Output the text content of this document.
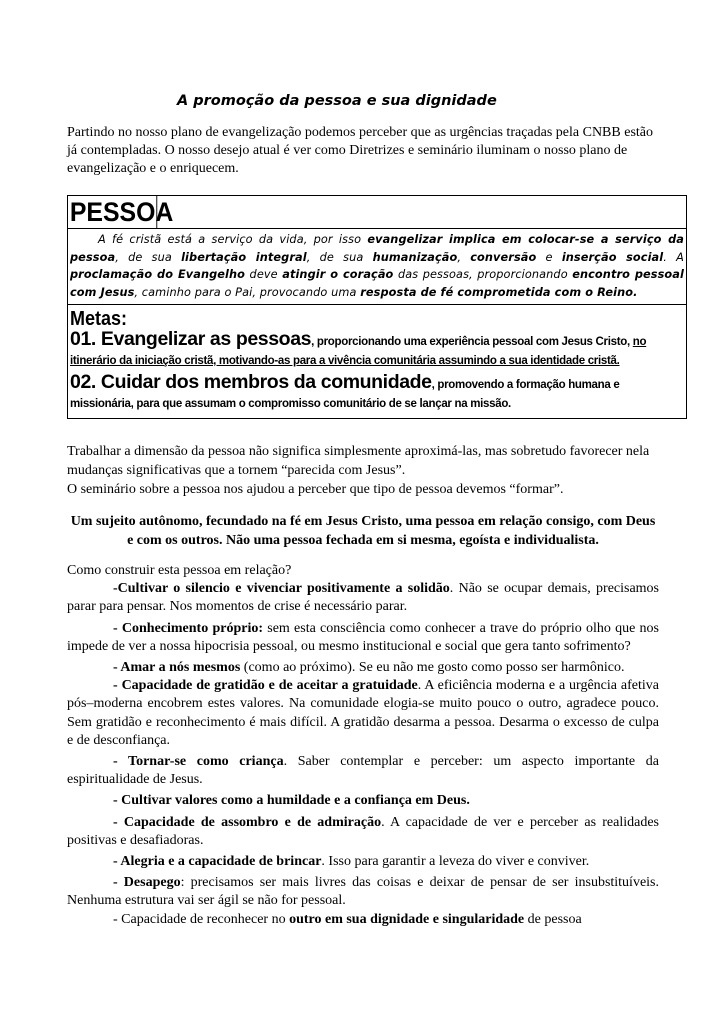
A promoção da pessoa e sua dignidade
Partindo no nosso plano de evangelização podemos perceber que as urgências traçadas pela CNBB estão já contempladas. O nosso desejo atual é ver como Diretrizes e seminário iluminam o nosso plano de evangelização e o enriquecem.
PESSOA
A fé cristã está a serviço da vida, por isso evangelizar implica em colocar-se a serviço da pessoa, de sua libertação integral, de sua humanização, conversão e inserção social. A proclamação do Evangelho deve atingir o coração das pessoas, proporcionando encontro pessoal com Jesus, caminho para o Pai, provocando uma resposta de fé comprometida com o Reino.
Metas:
01. Evangelizar as pessoas, proporcionando uma experiência pessoal com Jesus Cristo, no itinerário da iniciação cristã, motivando-as para a vivência comunitária assumindo a sua identidade cristã.
02. Cuidar dos membros da comunidade, promovendo a formação humana e missionária, para que assumam o compromisso comunitário de se lançar na missão.
Trabalhar a dimensão da pessoa não significa simplesmente aproximá-las, mas sobretudo favorecer nela mudanças significativas que a tornem “parecida com Jesus”.
O seminário sobre a pessoa nos ajudou a perceber que tipo de pessoa devemos “formar”.
Um sujeito autônomo, fecundado na fé em Jesus Cristo, uma pessoa em relação consigo, com Deus e com os outros. Não uma pessoa fechada em si mesma, egoísta e individualista.

Como construir esta pessoa em relação?

-Cultivar o silencio e vivenciar positivamente a solidão. Não se ocupar demais, precisamos parar para pensar. Nos momentos de crise é necessário parar.

- Conhecimento próprio: sem esta consciência como conhecer a trave do próprio olho que nos impede de ver a nossa hipocrisia pessoal, ou mesmo institucional e social que gera tanto sofrimento?

- Amar a nós mesmos (como ao próximo). Se eu não me gosto como posso ser harmônico.

- Capacidade de gratidão e de aceitar a gratuidade. A eficiência moderna e a urgência afetiva pós–moderna encobrem estes valores. Na comunidade elogia-se muito pouco o outro, agradece pouco. Sem gratidão e reconhecimento é mais difícil. A gratidão desarma a pessoa. Desarma o excesso de culpa e de desconfiança.

- Tornar-se como criança. Saber contemplar e perceber: um aspecto importante da espiritualidade de Jesus.

- Cultivar valores como a humildade e a confiança em Deus.

- Capacidade de assombro e de admiração. A capacidade de ver e perceber as realidades positivas e desafiadoras.

- Alegria e a capacidade de brincar. Isso para garantir a leveza do viver e conviver.

- Desapego: precisamos ser mais livres das coisas e deixar de pensar de ser insubstituíveis. Nenhuma estrutura vai ser ágil se não for pessoal.

- Capacidade de reconhecer no outro em sua dignidade e singularidade de pessoa
